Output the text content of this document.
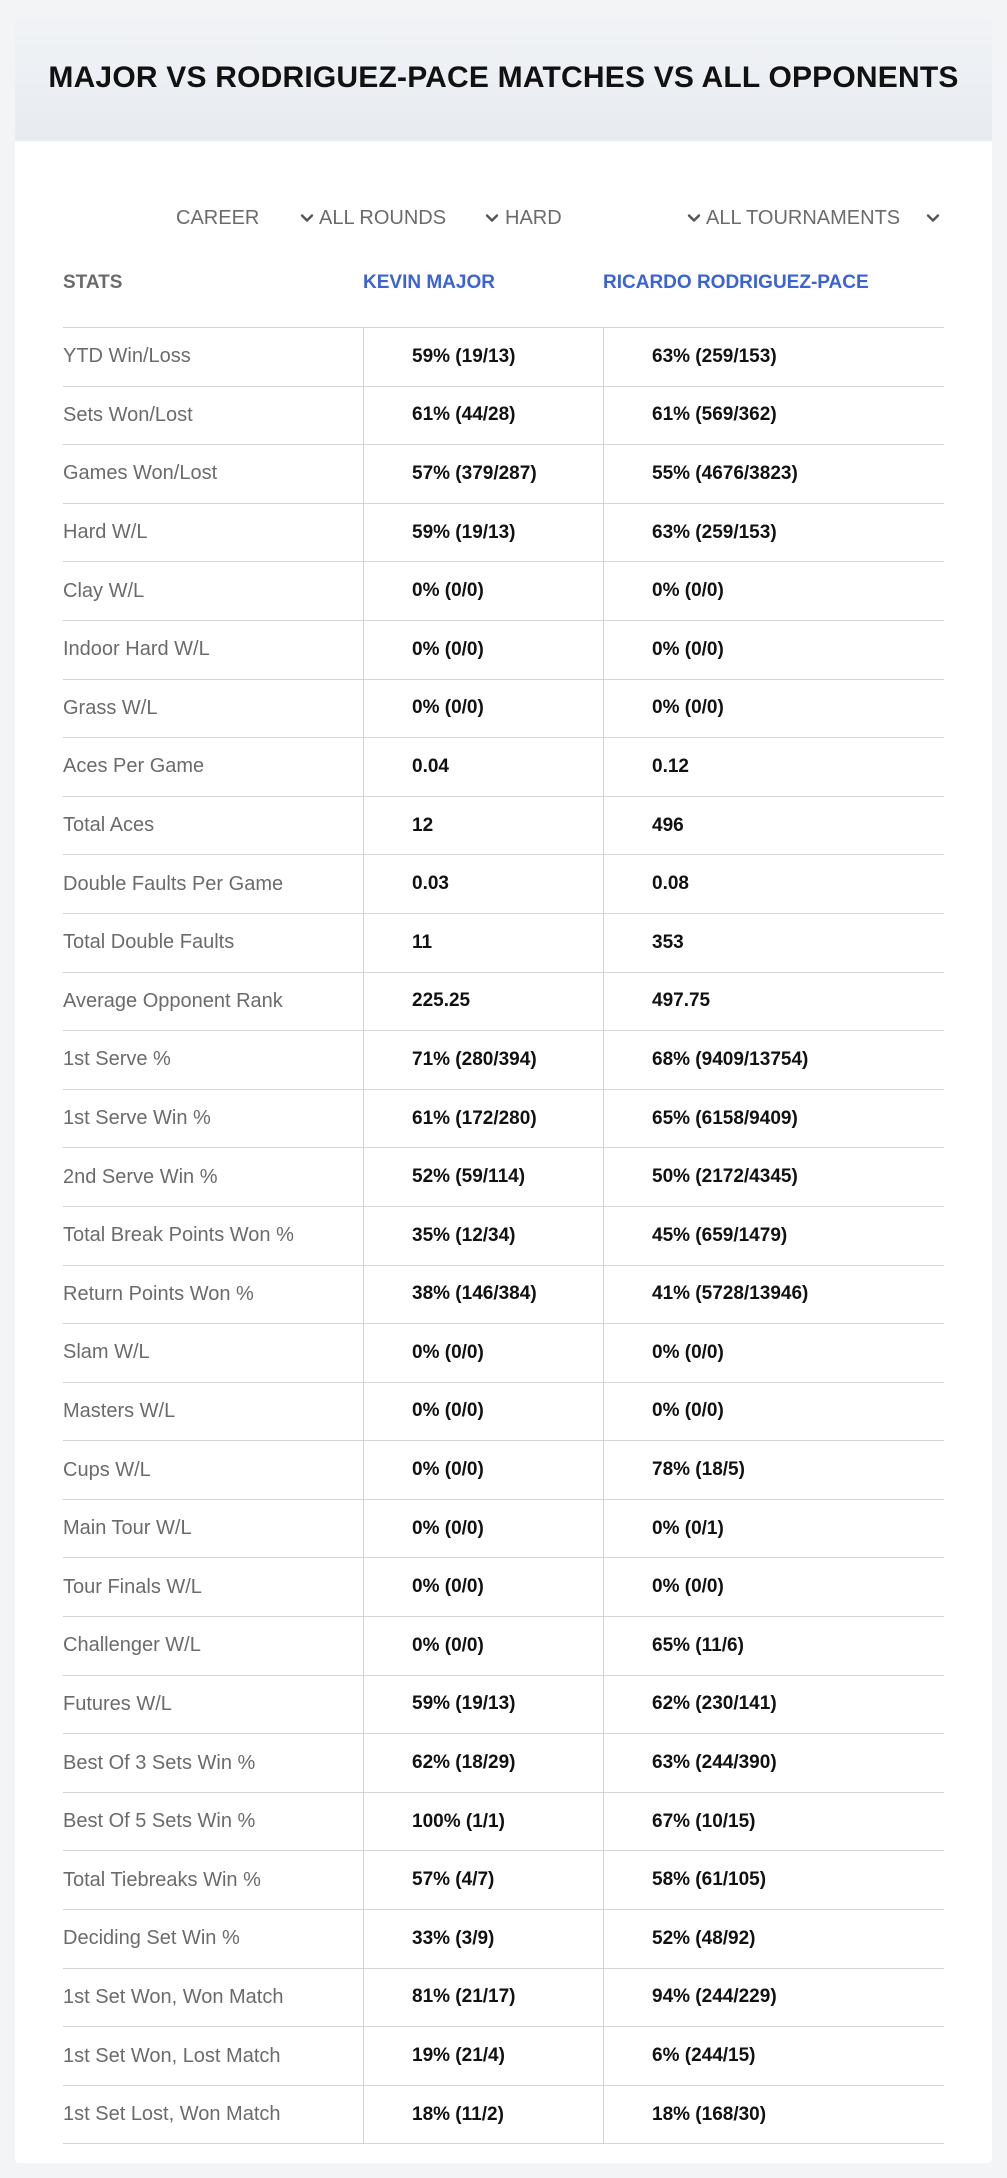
MAJOR VS RODRIGUEZ-PACE MATCHES VS ALL OPPONENTS
CAREER	ALL ROUNDS	HARD	ALL TOURNAMENTS
STATS	KEVIN MAJOR	RICARDO RODRIGUEZ-PACE
YTD Win/Loss	59% (19/13)	63% (259/153)
Sets Won/Lost	61% (44/28)	61% (569/362)
Games Won/Lost	57% (379/287)	55% (4676/3823)
Hard W/L	59% (19/13)	63% (259/153)
Clay W/L	0% (0/0)	0% (0/0)
Indoor Hard W/L	0% (0/0)	0% (0/0)
Grass W/L	0% (0/0)	0% (0/0)
Aces Per Game	0.04	0.12
Total Aces	12	496
Double Faults Per Game	0.03	0.08
Total Double Faults	11	353
Average Opponent Rank	225.25	497.75
1st Serve %	71% (280/394)	68% (9409/13754)
1st Serve Win %	61% (172/280)	65% (6158/9409)
2nd Serve Win %	52% (59/114)	50% (2172/4345)
Total Break Points Won %	35% (12/34)	45% (659/1479)
Return Points Won %	38% (146/384)	41% (5728/13946)
Slam W/L	0% (0/0)	0% (0/0)
Masters W/L	0% (0/0)	0% (0/0)
Cups W/L	0% (0/0)	78% (18/5)
Main Tour W/L	0% (0/0)	0% (0/1)
Tour Finals W/L	0% (0/0)	0% (0/0)
Challenger W/L	0% (0/0)	65% (11/6)
Futures W/L	59% (19/13)	62% (230/141)
Best Of 3 Sets Win %	62% (18/29)	63% (244/390)
Best Of 5 Sets Win %	100% (1/1)	67% (10/15)
Total Tiebreaks Win %	57% (4/7)	58% (61/105)
Deciding Set Win %	33% (3/9)	52% (48/92)
1st Set Won, Won Match	81% (21/17)	94% (244/229)
1st Set Won, Lost Match	19% (21/4)	6% (244/15)
1st Set Lost, Won Match	18% (11/2)	18% (168/30)
